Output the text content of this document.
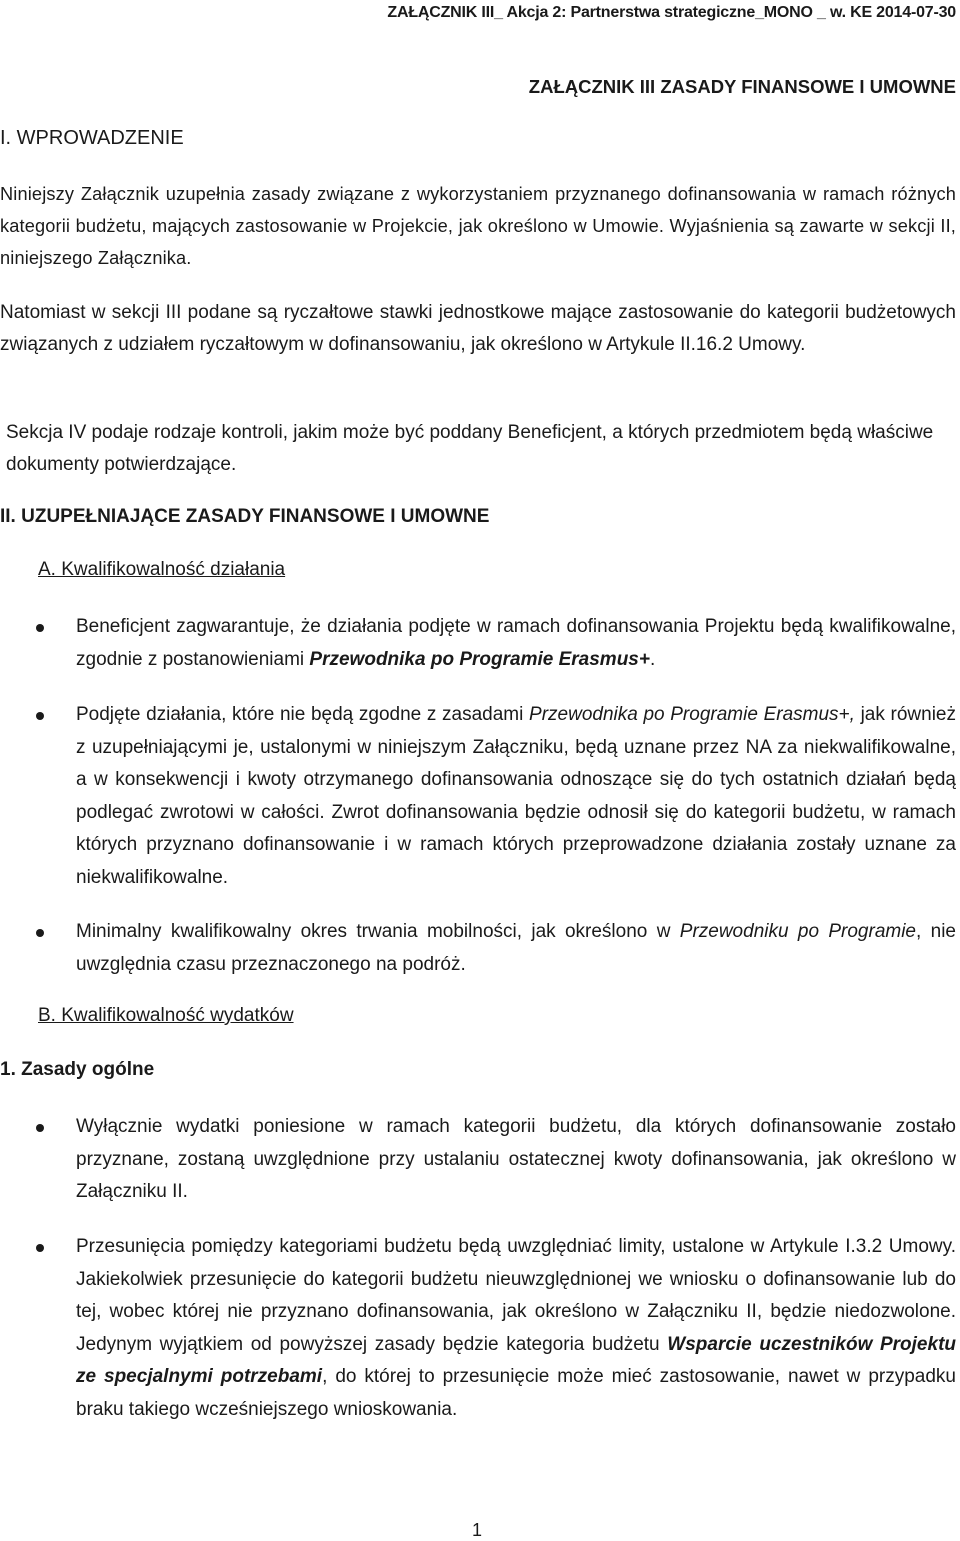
ZAŁĄCZNIK III_ Akcja 2: Partnerstwa strategiczne_MONO _ w. KE 2014-07-30
ZAŁĄCZNIK III ZASADY FINANSOWE I UMOWNE
I. WPROWADZENIE
Niniejszy Załącznik uzupełnia zasady związane z wykorzystaniem przyznanego dofinansowania w ramach różnych kategorii budżetu, mających zastosowanie w Projekcie, jak określono w Umowie. Wyjaśnienia są zawarte w sekcji II, niniejszego Załącznika.
Natomiast w sekcji III podane są ryczałtowe stawki jednostkowe mające zastosowanie do kategorii budżetowych związanych z udziałem ryczałtowym w dofinansowaniu, jak określono w Artykule II.16.2 Umowy.
Sekcja IV podaje rodzaje kontroli, jakim może być poddany Beneficjent, a których przedmiotem będą właściwe dokumenty potwierdzające.
II. UZUPEŁNIAJĄCE ZASADY FINANSOWE I UMOWNE
A. Kwalifikowalność działania
Beneficjent zagwarantuje, że działania podjęte w ramach dofinansowania Projektu będą kwalifikowalne, zgodnie z postanowieniami Przewodnika po Programie Erasmus+.
Podjęte działania, które nie będą zgodne z zasadami Przewodnika po Programie Erasmus+, jak również z uzupełniającymi je, ustalonymi w niniejszym Załączniku, będą uznane przez NA za niekwalifikowalne, a w konsekwencji i kwoty otrzymanego dofinansowania odnoszące się do tych ostatnich działań będą podlegać zwrotowi w całości. Zwrot dofinansowania będzie odnosił się do kategorii budżetu, w ramach których przyznano dofinansowanie i w ramach których przeprowadzone działania zostały uznane za niekwalifikowalne.
Minimalny kwalifikowalny okres trwania mobilności, jak określono w Przewodniku po Programie, nie uwzględnia czasu przeznaczonego na podróż.
B. Kwalifikowalność wydatków
1. Zasady ogólne
Wyłącznie wydatki poniesione w ramach kategorii budżetu, dla których dofinansowanie zostało przyznane, zostaną uwzględnione przy ustalaniu ostatecznej kwoty dofinansowania, jak określono w Załączniku II.
Przesunięcia pomiędzy kategoriami budżetu będą uwzględniać limity, ustalone w Artykule I.3.2 Umowy. Jakiekolwiek przesunięcie do kategorii budżetu nieuwzględnionej we wniosku o dofinansowanie lub do tej, wobec której nie przyznano dofinansowania, jak określono w Załączniku II, będzie niedozwolone. Jedynym wyjątkiem od powyższej zasady będzie kategoria budżetu Wsparcie uczestników Projektu ze specjalnymi potrzebami, do której to przesunięcie może mieć zastosowanie, nawet w przypadku braku takiego wcześniejszego wnioskowania.
1
